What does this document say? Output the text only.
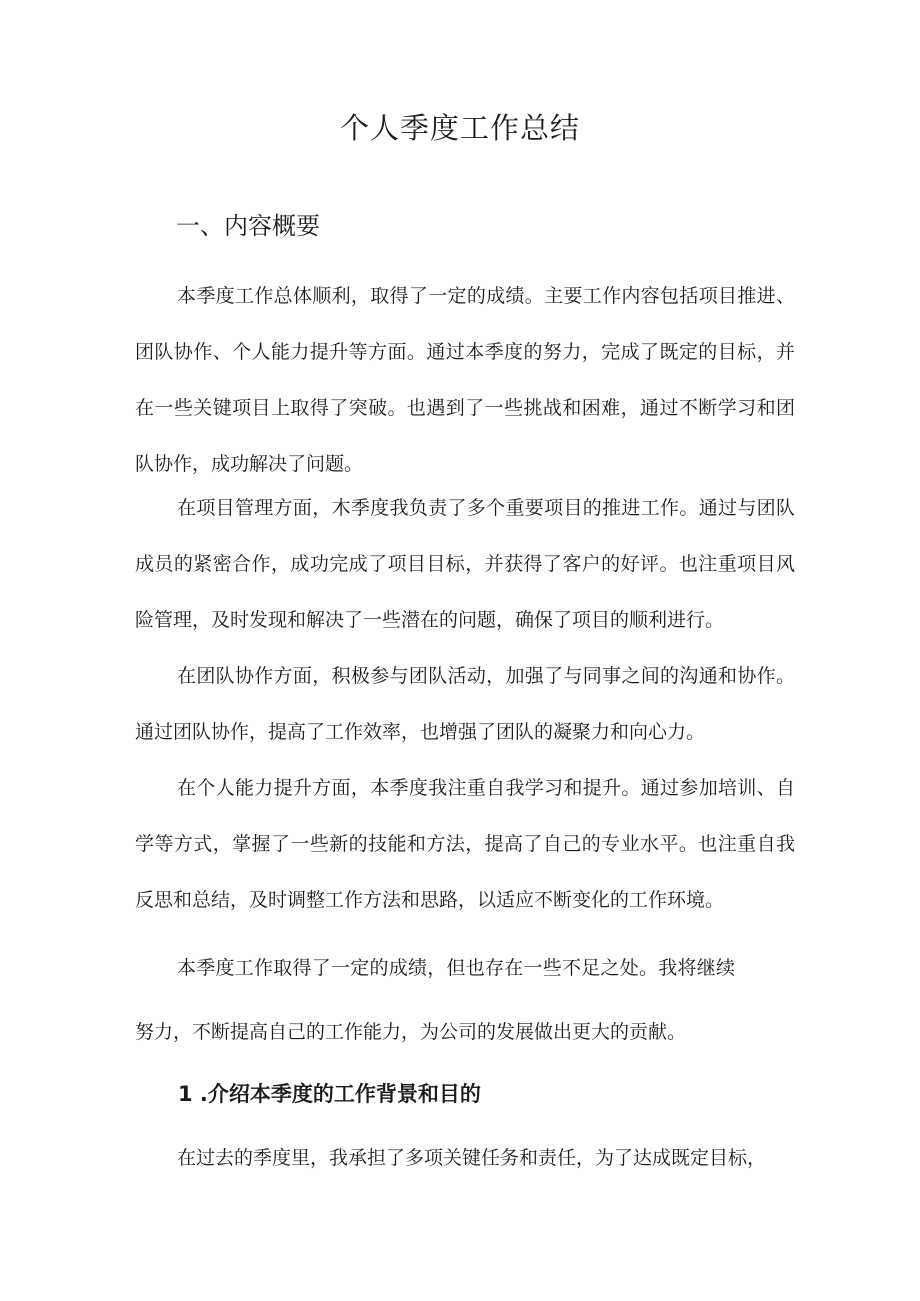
个人季度工作总结
一、内容概要

本季度工作总体顺利，取得了一定的成绩。主要工作内容包括项目推进、团队协作、个人能力提升等方面。通过本季度的努力，完成了既定的目标，并在一些关键项目上取得了突破。也遇到了一些挑战和困难，通过不断学习和团队协作，成功解决了问题。

在项目管理方面，木季度我负责了多个重要项目的推进工作。通过与团队成员的紧密合作，成功完成了项目目标，并获得了客户的好评。也注重项目风险管理，及时发现和解决了一些潜在的问题，确保了项目的顺利进行。

在团队协作方面，积极参与团队活动，加强了与同事之间的沟通和协作。通过团队协作，提高了工作效率，也增强了团队的凝聚力和向心力。

在个人能力提升方面，本季度我注重自我学习和提升。通过参加培训、自学等方式，掌握了一些新的技能和方法，提高了自己的专业水平。也注重自我反思和总结，及时调整工作方法和思路，以适应不断变化的工作环境。

本季度工作取得了一定的成绩，但也存在一些不足之处。我将继续努力，不断提高自己的工作能力，为公司的发展做出更大的贡献。

1 .介绍本季度的工作背景和目的

在过去的季度里，我承担了多项关键任务和责任，为了达成既定目标，
